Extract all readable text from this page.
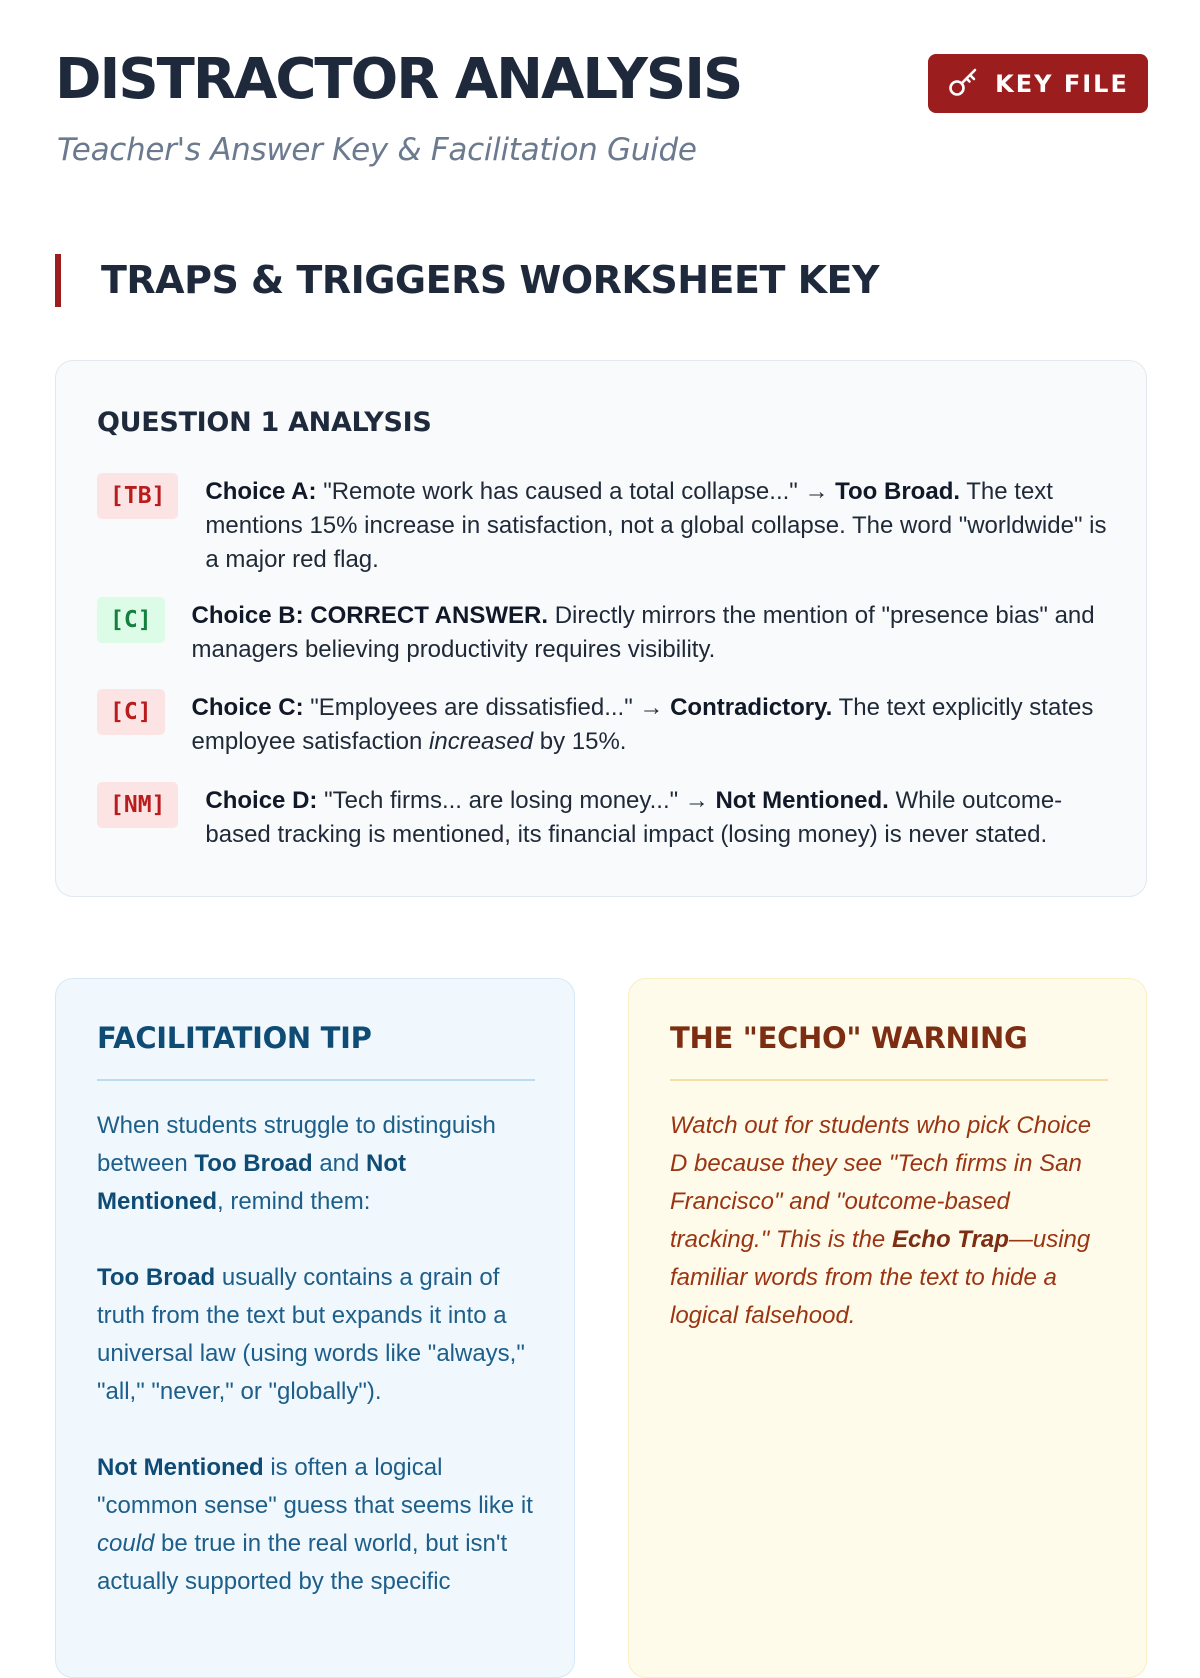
DISTRACTOR ANALYSIS

Teacher's Answer Key & Facilitation Guide

KEY FILE
TRAPS & TRIGGERS WORKSHEET KEY
QUESTION 1 ANALYSIS
[TB]	Choice A: "Remote work has caused a total collapse..." → Too Broad. The text mentions 15% increase in satisfaction, not a global collapse. The word "worldwide" is a major red flag.
[C]	Choice B: CORRECT ANSWER. Directly mirrors the mention of "presence bias" and managers believing productivity requires visibility.
[C]	Choice C: "Employees are dissatisfied..." → Contradictory. The text explicitly states employee satisfaction increased by 15%.
[NM]	Choice D: "Tech firms... are losing money..." → Not Mentioned. While outcome-based tracking is mentioned, its financial impact (losing money) is never stated.
FACILITATION TIP

When students struggle to distinguish between Too Broad and Not Mentioned, remind them:

Too Broad usually contains a grain of truth from the text but expands it into a universal law (using words like "always," "all," "never," or "globally").

Not Mentioned is often a logical "common sense" guess that seems like it could be true in the real world, but isn't actually supported by the specific

THE "ECHO" WARNING

Watch out for students who pick Choice D because they see "Tech firms in San Francisco" and "outcome-based tracking." This is the Echo Trap—using familiar words from the text to hide a logical falsehood.
